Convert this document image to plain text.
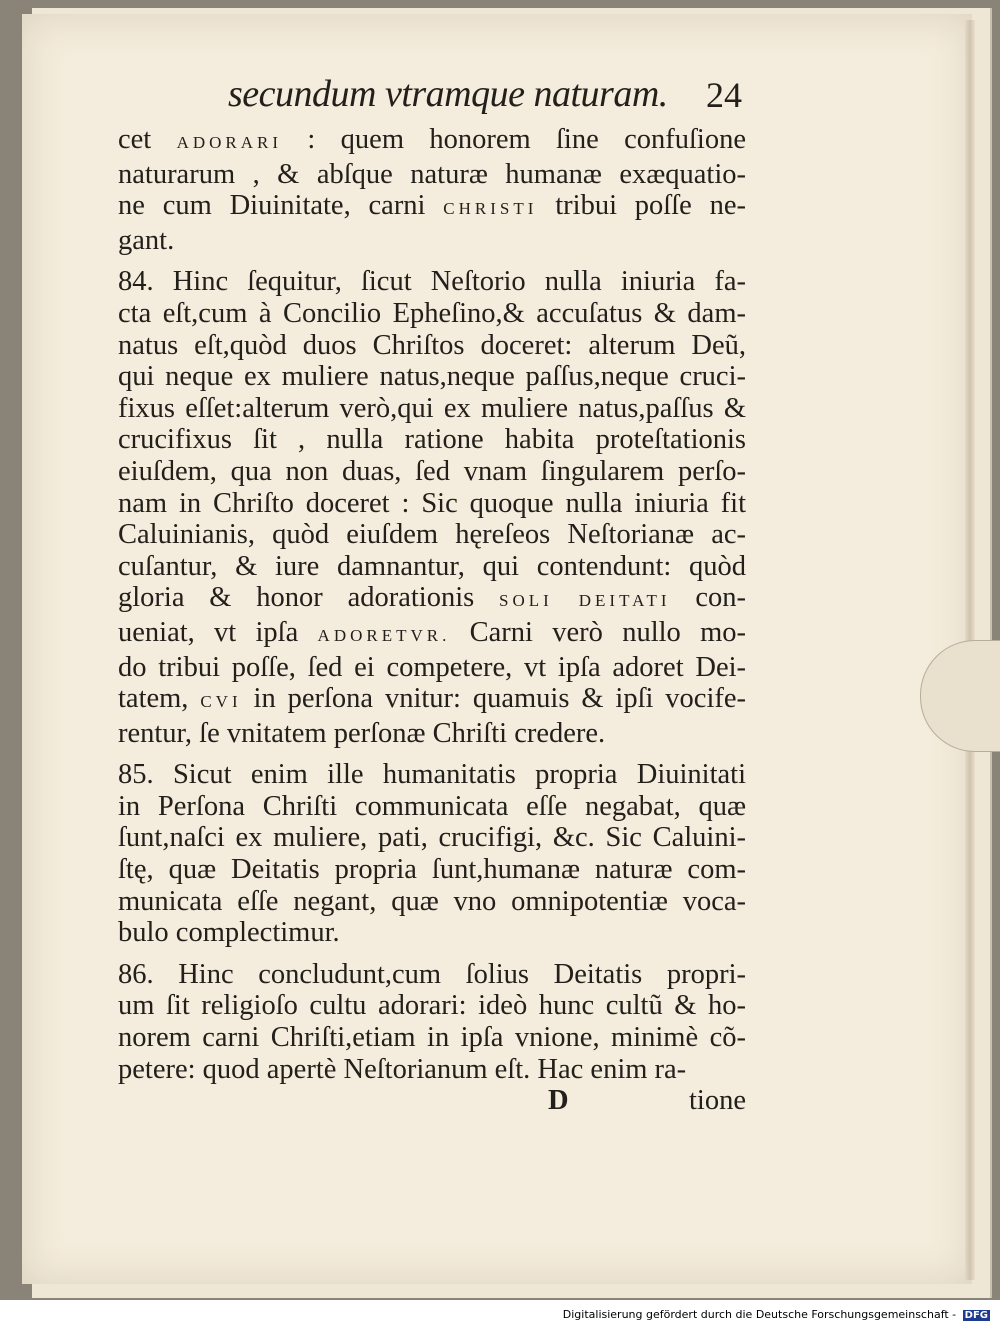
secundum vtramque naturam. 24
cet ADORARI : quem honorem ſine confuſione
naturarum , & abſque naturæ humanæ exæquatio-
ne cum Diuinitate, carni CHRISTI tribui poſſe ne-
gant.
84. Hinc ſequitur, ſicut Neſtorio nulla iniuria fa-
cta eſt,cum à Concilio Epheſino,& accuſatus & dam-
natus eſt,quòd duos Chriſtos doceret: alterum Deũ,
qui neque ex muliere natus,neque paſſus,neque cruci-
fixus eſſet:alterum verò,qui ex muliere natus,paſſus &
crucifixus ſit , nulla ratione habita proteſtationis
eiuſdem, qua non duas, ſed vnam ſingularem perſo-
nam in Chriſto doceret : Sic quoque nulla iniuria fit
Caluinianis, quòd eiuſdem hęreſeos Neſtorianæ ac-
cuſantur, & iure damnantur, qui contendunt: quòd
gloria & honor adorationis SOLI DEITATI con-
ueniat, vt ipſa ADORETVR. Carni verò nullo mo-
do tribui poſſe, ſed ei competere, vt ipſa adoret Dei-
tatem, CVI in perſona vnitur: quamuis & ipſi vocife-
rentur, ſe vnitatem perſonæ Chriſti credere.
85. Sicut enim ille humanitatis propria Diuinitati
in Perſona Chriſti communicata eſſe negabat, quæ
ſunt,naſci ex muliere, pati, crucifigi, &c. Sic Caluini-
ſtę, quæ Deitatis propria ſunt,humanæ naturæ com-
municata eſſe negant, quæ vno omnipotentiæ voca-
bulo complectimur.
86. Hinc concludunt,cum ſolius Deitatis propri-
um ſit religioſo cultu adorari: ideò hunc cultũ & ho-
norem carni Chriſti,etiam in ipſa vnione, minimè cõ-
petere: quod apertè Neſtorianum eſt. Hac enim ra-
D	tione
Digitalisierung gefördert durch die Deutsche Forschungsgemeinschaft - DFG
